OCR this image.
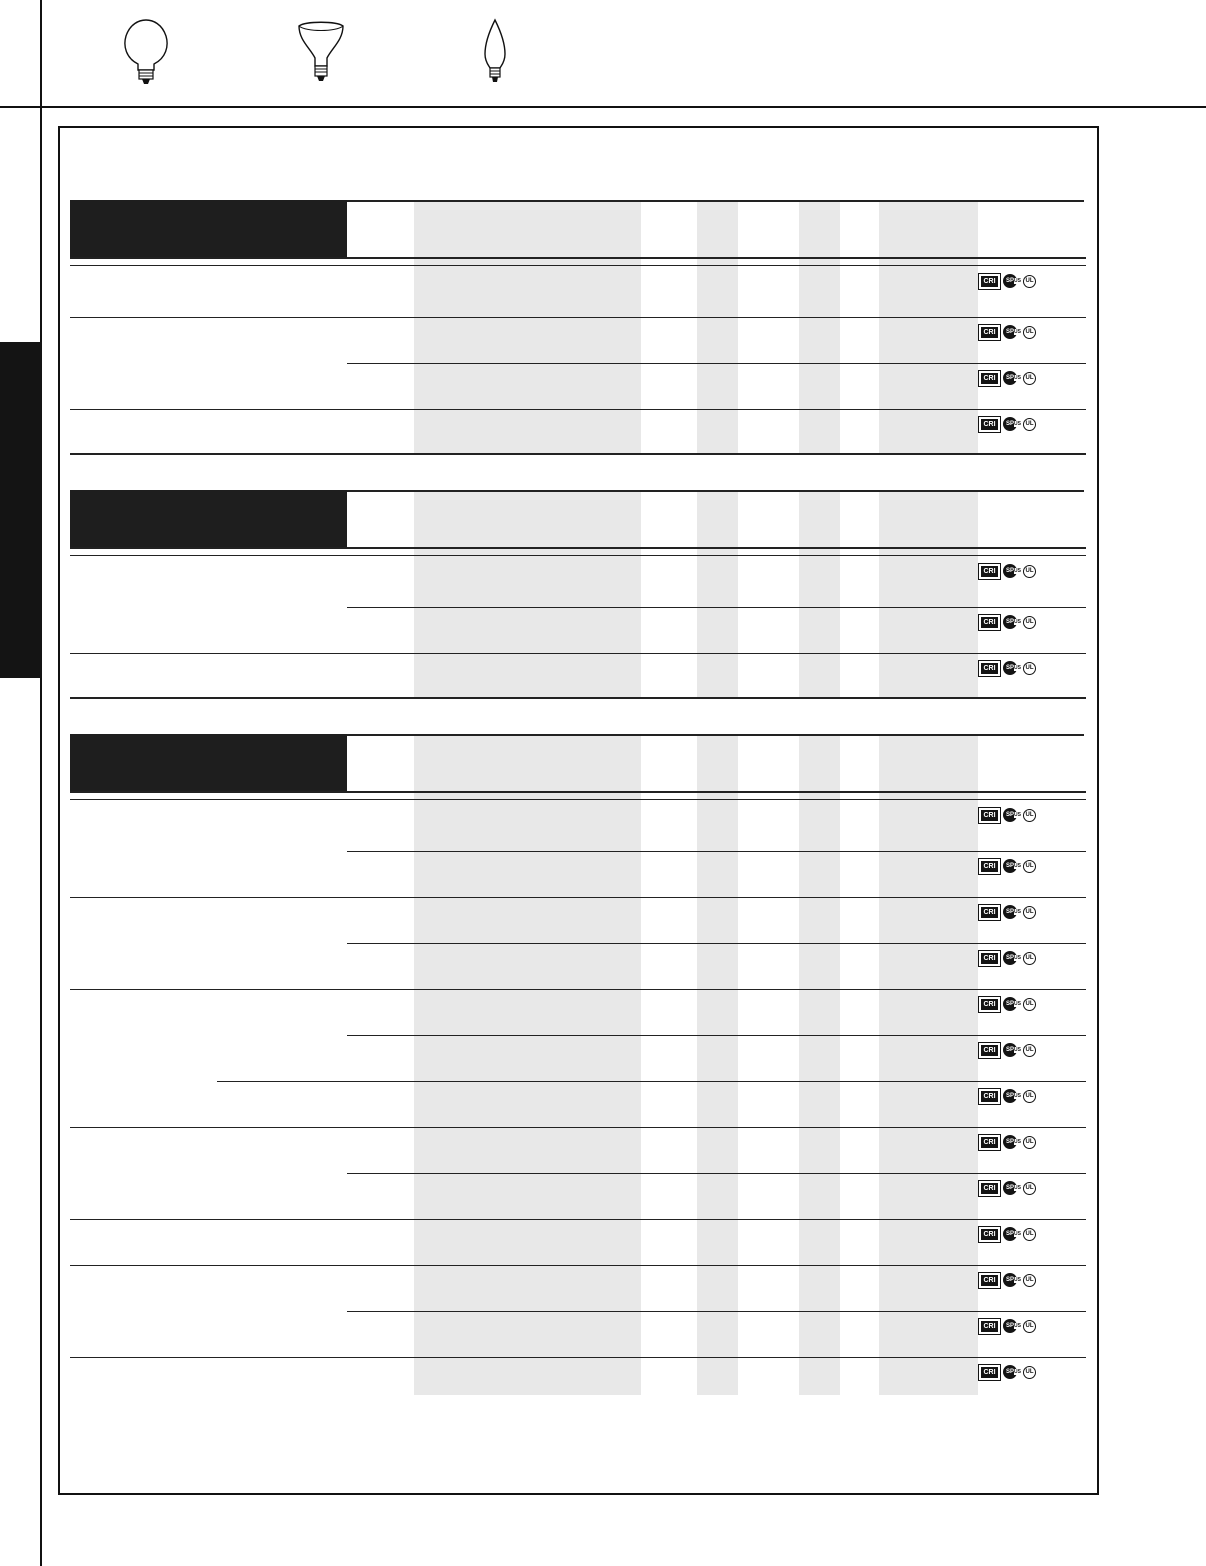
CRI	SP US UL
CRI	SP US UL
CRI	SP US UL
CRI	SP US UL
CRI	SP US UL
CRI	SP US UL
CRI	SP US UL
CRI	SP US UL
CRI	SP US UL
CRI	SP US UL
CRI	SP US UL
CRI	SP US UL
CRI	SP US UL
CRI	SP US UL
CRI	SP US UL
CRI	SP US UL
CRI	SP US UL
CRI	SP US UL
CRI	SP US UL
CRI	SP US UL
